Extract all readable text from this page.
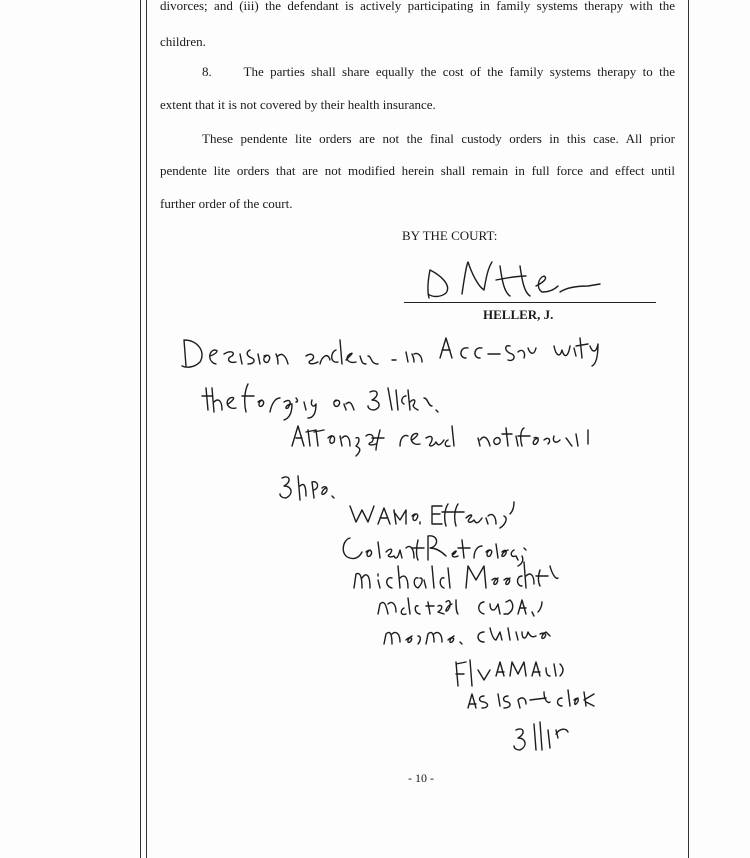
divorces; and (iii) the defendant is actively participating in family systems therapy with the
children.
8.     The parties shall share equally the cost of the family systems therapy to the
extent that it is not covered by their health insurance.
These pendente lite orders are not the final custody orders in this case. All prior
pendente lite orders that are not modified herein shall remain in full force and effect until
further order of the court.
BY THE COURT:
HELLER, J.
- 10 -
